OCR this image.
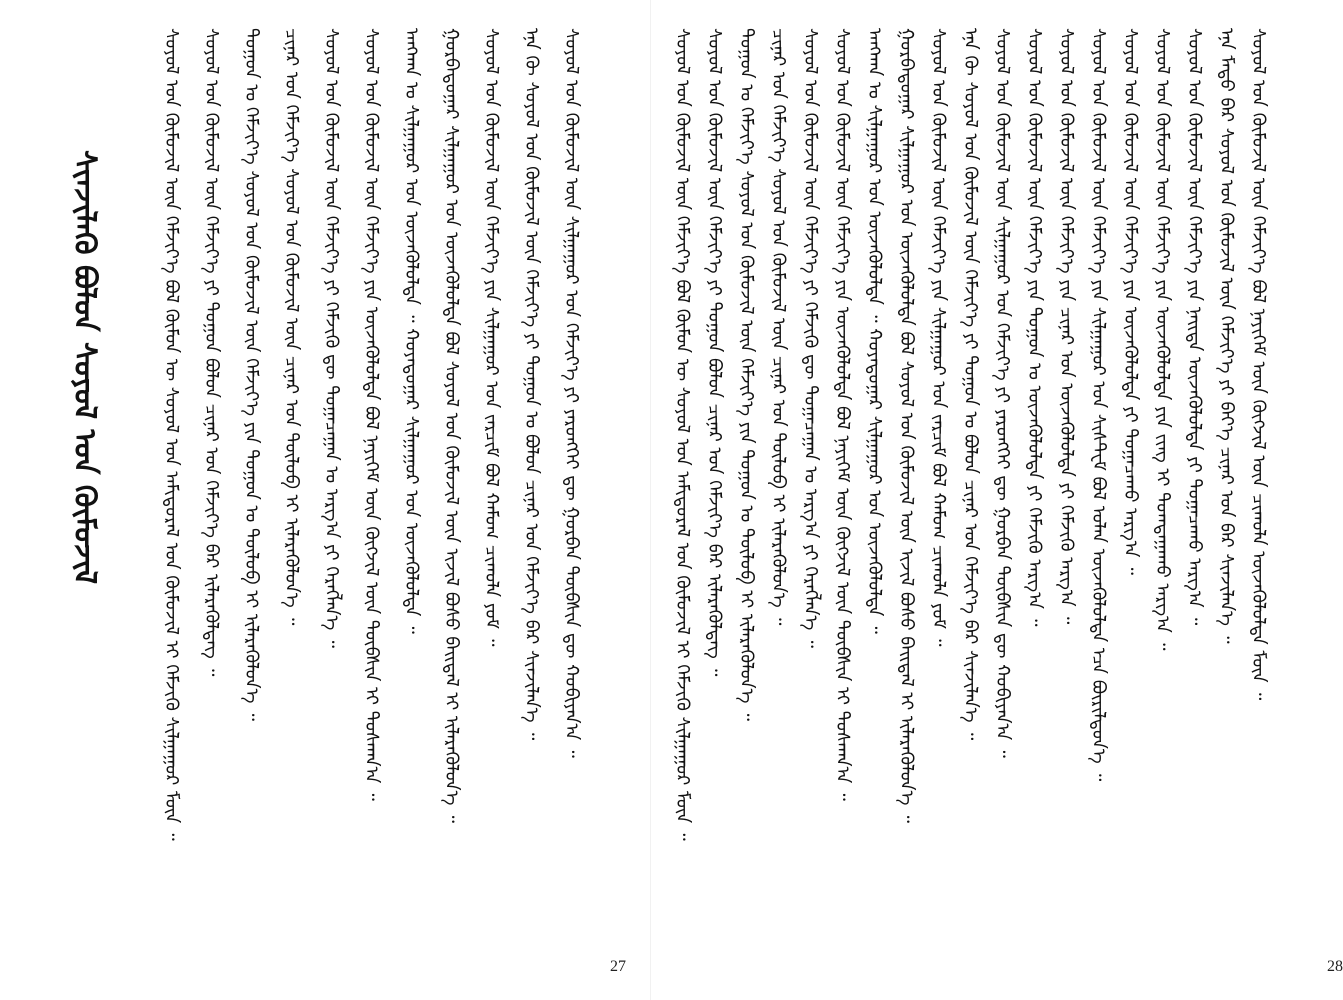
ᠰᠢᠨᠵᠢᠯᠡᠬᠦ ᠪᠣᠯᠤᠨ ᠰᠤᠶᠤᠯ ᠤᠨ ᠬᠦᠮᠦᠵᠢᠯ	ᠰᠤᠶᠤᠯ ᠤᠨ ᠬᠦᠮᠦᠵᠢᠯ ᠦᠨ ᠬᠡᠮᠵᠢᠶ᠎ᠡ ᠪᠣᠯ ᠬᠦᠮᠦᠨ ᠦ ᠰᠣᠶᠤᠯ ᠤᠨ ᠠᠮᠢᠳᠤᠷᠠᠯ ᠤᠨ ᠬᠦᠮᠦᠵᠢᠯ ᠢ ᠬᠡᠮᠵᠢᠬᠦ ᠰᠢᠯᠭᠠᠭᠤᠷ ᠮᠥᠨ ᠃ ᠰᠤᠶᠤᠯ ᠤᠨ ᠬᠦᠮᠦᠵᠢᠯ ᠦᠨ ᠬᠡᠮᠵᠢᠶ᠎ᠡ ᠶᠢ ᠲᠣᠭᠤᠨ ᠪᠣᠯᠤᠨ ᠴᠢᠨᠠᠷ ᠤᠨ ᠬᠡᠮᠵᠢᠶ᠎ᠡ ᠪᠠᠷ ᠢᠯᠡᠷᠡᠭᠦᠯᠳᠡᠭ ᠃ ᠲᠣᠭᠤᠨ ᠤ ᠬᠡᠮᠵᠢᠶ᠎ᠡ ᠰᠤᠶᠤᠯ ᠤᠨ ᠬᠦᠮᠦᠵᠢᠯ ᠦᠨ ᠬᠡᠮᠵᠢᠶ᠎ᠡ ᠶᠢᠨ ᠲᠣᠭᠤᠨ ᠤ ᠲᠥᠯᠦᠪ ᠢ ᠢᠯᠡᠷᠡᠭᠦᠯᠦᠨ᠎ᠡ ᠃ ᠴᠢᠨᠠᠷ ᠤᠨ ᠬᠡᠮᠵᠢᠶ᠎ᠡ ᠰᠤᠶᠤᠯ ᠤᠨ ᠬᠦᠮᠦᠵᠢᠯ ᠦᠨ ᠴᠢᠨᠠᠷ ᠤᠨ ᠲᠥᠯᠦᠪ ᠢ ᠢᠯᠡᠷᠡᠭᠦᠯᠦᠨ᠎ᠡ ᠃ ᠰᠤᠶᠤᠯ ᠤᠨ ᠬᠦᠮᠦᠵᠢᠯ ᠦᠨ ᠬᠡᠮᠵᠢᠶ᠎ᠡ ᠶᠢ ᠬᠡᠮᠵᠢᠬᠦ ᠳᠦ ᠲᠣᠭᠠᠴᠠᠭᠠᠨ ᠤ ᠠᠷᠭ᠎ᠠ ᠶᠢ ᠬᠡᠷᠡᠭᠯᠡᠨ᠎ᠡ ᠃ ᠰᠤᠶᠤᠯ ᠤᠨ ᠬᠦᠮᠦᠵᠢᠯ ᠦᠨ ᠬᠡᠮᠵᠢᠶ᠎ᠡ ᠶᠢᠨ ᠦᠵᠡᠭᠦᠯᠦᠯᠲᠡ ᠪᠣᠯ ᠨᠡᠶᠢᠭᠡᠮ ᠦᠨ ᠬᠥᠭᠵᠢᠯ ᠦᠨ ᠲᠦᠪᠰᠢᠨ ᠢ ᠲᠤᠰᠬᠠᠨ᠎ᠠ ᠃ ᠠᠨᠭᠬᠠᠨ ᠤ ᠰᠢᠯᠭᠠᠭᠤᠷ ᠤᠨ ᠦᠵᠡᠭᠦᠯᠦᠯᠲᠡ ᠃ ᠬᠣᠶᠠᠳᠤᠭᠠᠷ ᠰᠢᠯᠭᠠᠭᠤᠷ ᠤᠨ ᠦᠵᠡᠭᠦᠯᠦᠯᠲᠡ ᠃ ᠭᠤᠷᠪᠠᠳᠤᠭᠠᠷ ᠰᠢᠯᠭᠠᠭᠤᠷ ᠤᠨ ᠦᠵᠡᠭᠦᠯᠦᠯᠲᠡ ᠪᠣᠯ ᠰᠤᠶᠤᠯ ᠤᠨ ᠬᠦᠮᠦᠵᠢᠯ ᠦᠨ ᠢᠵᠢᠯ ᠪᠤᠰᠤ ᠪᠠᠢᠳᠠᠯ ᠢ ᠢᠯᠡᠷᠡᠭᠦᠯᠦᠨ᠎ᠡ ᠃ ᠰᠤᠶᠤᠯ ᠤᠨ ᠬᠦᠮᠦᠵᠢᠯ ᠦᠨ ᠬᠡᠮᠵᠢᠶ᠎ᠡ ᠶᠢᠨ ᠰᠢᠯᠭᠠᠭᠤᠷ ᠤᠨ ᠵᠠᠷᠴᠢᠮ ᠪᠣᠯ ᠬᠠᠮᠤᠭ ᠴᠢᠬᠤᠯᠠ ᠶᠤᠮ ᠃ ᠡᠨᠡ ᠬᠦ ᠰᠤᠶᠤᠯ ᠤᠨ ᠬᠦᠮᠦᠵᠢᠯ ᠦᠨ ᠬᠡᠮᠵᠢᠶ᠎ᠡ ᠶᠢ ᠲᠣᠭᠤᠨ ᠤ ᠪᠣᠯᠤᠨ ᠴᠢᠨᠠᠷ ᠤᠨ ᠬᠡᠮᠵᠢᠶ᠎ᠡ ᠪᠠᠷ ᠰᠢᠨᠵᠢᠯᠡᠨ᠎ᠡ ᠃ ᠰᠤᠶᠤᠯ ᠤᠨ ᠬᠦᠮᠦᠵᠢᠯ ᠦᠨ ᠰᠢᠯᠭᠠᠭᠤᠷ ᠤᠨ ᠬᠡᠮᠵᠢᠶ᠎ᠡ ᠶᠢ ᠶᠡᠷᠦᠩᠬᠡᠢ ᠳᠦ ᠭᠤᠷᠪᠠᠨ ᠲᠦᠪᠰᠢᠨ ᠳᠦ ᠬᠤᠪᠢᠶᠠᠨ᠎ᠠ ᠃
27
ᠰᠤᠶᠤᠯ ᠤᠨ ᠬᠦᠮᠦᠵᠢᠯ ᠦᠨ ᠬᠡᠮᠵᠢᠶ᠎ᠡ ᠪᠣᠯ ᠬᠦᠮᠦᠨ ᠦ ᠰᠣᠶᠤᠯ ᠤᠨ ᠠᠮᠢᠳᠤᠷᠠᠯ ᠤᠨ ᠬᠦᠮᠦᠵᠢᠯ ᠢ ᠬᠡᠮᠵᠢᠬᠦ ᠰᠢᠯᠭᠠᠭᠤᠷ ᠮᠥᠨ ᠃ ᠰᠤᠶᠤᠯ ᠤᠨ ᠬᠦᠮᠦᠵᠢᠯ ᠦᠨ ᠬᠡᠮᠵᠢᠶ᠎ᠡ ᠶᠢ ᠲᠣᠭᠤᠨ ᠪᠣᠯᠤᠨ ᠴᠢᠨᠠᠷ ᠤᠨ ᠬᠡᠮᠵᠢᠶ᠎ᠡ ᠪᠠᠷ ᠢᠯᠡᠷᠡᠭᠦᠯᠳᠡᠭ ᠃ ᠲᠣᠭᠤᠨ ᠤ ᠬᠡᠮᠵᠢᠶ᠎ᠡ ᠰᠤᠶᠤᠯ ᠤᠨ ᠬᠦᠮᠦᠵᠢᠯ ᠦᠨ ᠬᠡᠮᠵᠢᠶ᠎ᠡ ᠶᠢᠨ ᠲᠣᠭᠤᠨ ᠤ ᠲᠥᠯᠦᠪ ᠢ ᠢᠯᠡᠷᠡᠭᠦᠯᠦᠨ᠎ᠡ ᠃ ᠴᠢᠨᠠᠷ ᠤᠨ ᠬᠡᠮᠵᠢᠶ᠎ᠡ ᠰᠤᠶᠤᠯ ᠤᠨ ᠬᠦᠮᠦᠵᠢᠯ ᠦᠨ ᠴᠢᠨᠠᠷ ᠤᠨ ᠲᠥᠯᠦᠪ ᠢ ᠢᠯᠡᠷᠡᠭᠦᠯᠦᠨ᠎ᠡ ᠃ ᠰᠤᠶᠤᠯ ᠤᠨ ᠬᠦᠮᠦᠵᠢᠯ ᠦᠨ ᠬᠡᠮᠵᠢᠶ᠎ᠡ ᠶᠢ ᠬᠡᠮᠵᠢᠬᠦ ᠳᠦ ᠲᠣᠭᠠᠴᠠᠭᠠᠨ ᠤ ᠠᠷᠭ᠎ᠠ ᠶᠢ ᠬᠡᠷᠡᠭᠯᠡᠨ᠎ᠡ ᠃ ᠰᠤᠶᠤᠯ ᠤᠨ ᠬᠦᠮᠦᠵᠢᠯ ᠦᠨ ᠬᠡᠮᠵᠢᠶ᠎ᠡ ᠶᠢᠨ ᠦᠵᠡᠭᠦᠯᠦᠯᠲᠡ ᠪᠣᠯ ᠨᠡᠶᠢᠭᠡᠮ ᠦᠨ ᠬᠥᠭᠵᠢᠯ ᠦᠨ ᠲᠦᠪᠰᠢᠨ ᠢ ᠲᠤᠰᠬᠠᠨ᠎ᠠ ᠃ ᠠᠨᠭᠬᠠᠨ ᠤ ᠰᠢᠯᠭᠠᠭᠤᠷ ᠤᠨ ᠦᠵᠡᠭᠦᠯᠦᠯᠲᠡ ᠃ ᠬᠣᠶᠠᠳᠤᠭᠠᠷ ᠰᠢᠯᠭᠠᠭᠤᠷ ᠤᠨ ᠦᠵᠡᠭᠦᠯᠦᠯᠲᠡ ᠃ ᠭᠤᠷᠪᠠᠳᠤᠭᠠᠷ ᠰᠢᠯᠭᠠᠭᠤᠷ ᠤᠨ ᠦᠵᠡᠭᠦᠯᠦᠯᠲᠡ ᠪᠣᠯ ᠰᠤᠶᠤᠯ ᠤᠨ ᠬᠦᠮᠦᠵᠢᠯ ᠦᠨ ᠢᠵᠢᠯ ᠪᠤᠰᠤ ᠪᠠᠢᠳᠠᠯ ᠢ ᠢᠯᠡᠷᠡᠭᠦᠯᠦᠨ᠎ᠡ ᠃ ᠰᠤᠶᠤᠯ ᠤᠨ ᠬᠦᠮᠦᠵᠢᠯ ᠦᠨ ᠬᠡᠮᠵᠢᠶ᠎ᠡ ᠶᠢᠨ ᠰᠢᠯᠭᠠᠭᠤᠷ ᠤᠨ ᠵᠠᠷᠴᠢᠮ ᠪᠣᠯ ᠬᠠᠮᠤᠭ ᠴᠢᠬᠤᠯᠠ ᠶᠤᠮ ᠃ ᠡᠨᠡ ᠬᠦ ᠰᠤᠶᠤᠯ ᠤᠨ ᠬᠦᠮᠦᠵᠢᠯ ᠦᠨ ᠬᠡᠮᠵᠢᠶ᠎ᠡ ᠶᠢ ᠲᠣᠭᠤᠨ ᠤ ᠪᠣᠯᠤᠨ ᠴᠢᠨᠠᠷ ᠤᠨ ᠬᠡᠮᠵᠢᠶ᠎ᠡ ᠪᠠᠷ ᠰᠢᠨᠵᠢᠯᠡᠨ᠎ᠡ ᠃ ᠰᠤᠶᠤᠯ ᠤᠨ ᠬᠦᠮᠦᠵᠢᠯ ᠦᠨ ᠰᠢᠯᠭᠠᠭᠤᠷ ᠤᠨ ᠬᠡᠮᠵᠢᠶ᠎ᠡ ᠶᠢ ᠶᠡᠷᠦᠩᠬᠡᠢ ᠳᠦ ᠭᠤᠷᠪᠠᠨ ᠲᠦᠪᠰᠢᠨ ᠳᠦ ᠬᠤᠪᠢᠶᠠᠨ᠎ᠠ ᠃ ᠰᠤᠶᠤᠯ ᠤᠨ ᠬᠦᠮᠦᠵᠢᠯ ᠦᠨ ᠬᠡᠮᠵᠢᠶ᠎ᠡ ᠶᠢᠨ ᠲᠣᠭᠤᠨ ᠤ ᠦᠵᠡᠭᠦᠯᠦᠯᠲᠡ ᠶᠢ ᠬᠡᠮᠵᠢᠬᠦ ᠠᠷᠭ᠎ᠠ ᠃ ᠰᠤᠶᠤᠯ ᠤᠨ ᠬᠦᠮᠦᠵᠢᠯ ᠦᠨ ᠬᠡᠮᠵᠢᠶ᠎ᠡ ᠶᠢᠨ ᠴᠢᠨᠠᠷ ᠤᠨ ᠦᠵᠡᠭᠦᠯᠦᠯᠲᠡ ᠶᠢ ᠬᠡᠮᠵᠢᠬᠦ ᠠᠷᠭ᠎ᠠ ᠃ ᠰᠤᠶᠤᠯ ᠤᠨ ᠬᠦᠮᠦᠵᠢᠯ ᠦᠨ ᠬᠡᠮᠵᠢᠶ᠎ᠡ ᠶᠢᠨ ᠰᠢᠯᠭᠠᠭᠤᠷ ᠤᠨ ᠰᠢᠰᠲᠧᠮ ᠪᠣᠯ ᠣᠯᠠᠨ ᠦᠵᠡᠭᠦᠯᠦᠯᠲᠡ ᠡᠴᠡ ᠪᠦᠷᠢᠯᠳᠦᠨ᠎ᠡ ᠃ ᠰᠤᠶᠤᠯ ᠤᠨ ᠬᠦᠮᠦᠵᠢᠯ ᠦᠨ ᠬᠡᠮᠵᠢᠶ᠎ᠡ ᠶᠢᠨ ᠦᠵᠡᠭᠦᠯᠦᠯᠲᠡ ᠶᠢ ᠲᠣᠭᠠᠴᠠᠬᠤ ᠠᠷᠭ᠎ᠠ ᠃ ᠰᠤᠶᠤᠯ ᠤᠨ ᠬᠦᠮᠦᠵᠢᠯ ᠦᠨ ᠬᠡᠮᠵᠢᠶ᠎ᠡ ᠶᠢᠨ ᠦᠵᠡᠭᠦᠯᠦᠯᠲᠡ ᠶᠢᠨ ᠵᠢᠩ ᠢ ᠲᠣᠭᠲᠠᠭᠠᠬᠤ ᠠᠷᠭ᠎ᠠ ᠃ ᠰᠤᠶᠤᠯ ᠤᠨ ᠬᠦᠮᠦᠵᠢᠯ ᠦᠨ ᠬᠡᠮᠵᠢᠶ᠎ᠡ ᠶᠢᠨ ᠨᠡᠢᠲᠡ ᠦᠵᠡᠭᠦᠯᠦᠯᠲᠡ ᠶᠢ ᠲᠣᠭᠠᠴᠠᠬᠤ ᠠᠷᠭ᠎ᠠ ᠃ ᠡᠨᠡ ᠮᠡᠲᠦ ᠪᠡᠷ ᠰᠤᠶᠤᠯ ᠤᠨ ᠬᠦᠮᠦᠵᠢᠯ ᠦᠨ ᠬᠡᠮᠵᠢᠶ᠎ᠡ ᠶᠢ ᠪᠡᠶ᠎ᠡ ᠴᠢᠨᠠᠷ ᠤᠨ ᠪᠠᠷ ᠰᠢᠨᠵᠢᠯᠡᠨ᠎ᠡ ᠃ ᠰᠤᠶᠤᠯ ᠤᠨ ᠬᠦᠮᠦᠵᠢᠯ ᠦᠨ ᠬᠡᠮᠵᠢᠶ᠎ᠡ ᠪᠣᠯ ᠨᠡᠶᠢᠭᠡᠮ ᠦᠨ ᠬᠥᠭᠵᠢᠯ ᠦᠨ ᠴᠢᠬᠤᠯᠠ ᠦᠵᠡᠭᠦᠯᠦᠯᠲᠡ ᠮᠥᠨ ᠃
28
